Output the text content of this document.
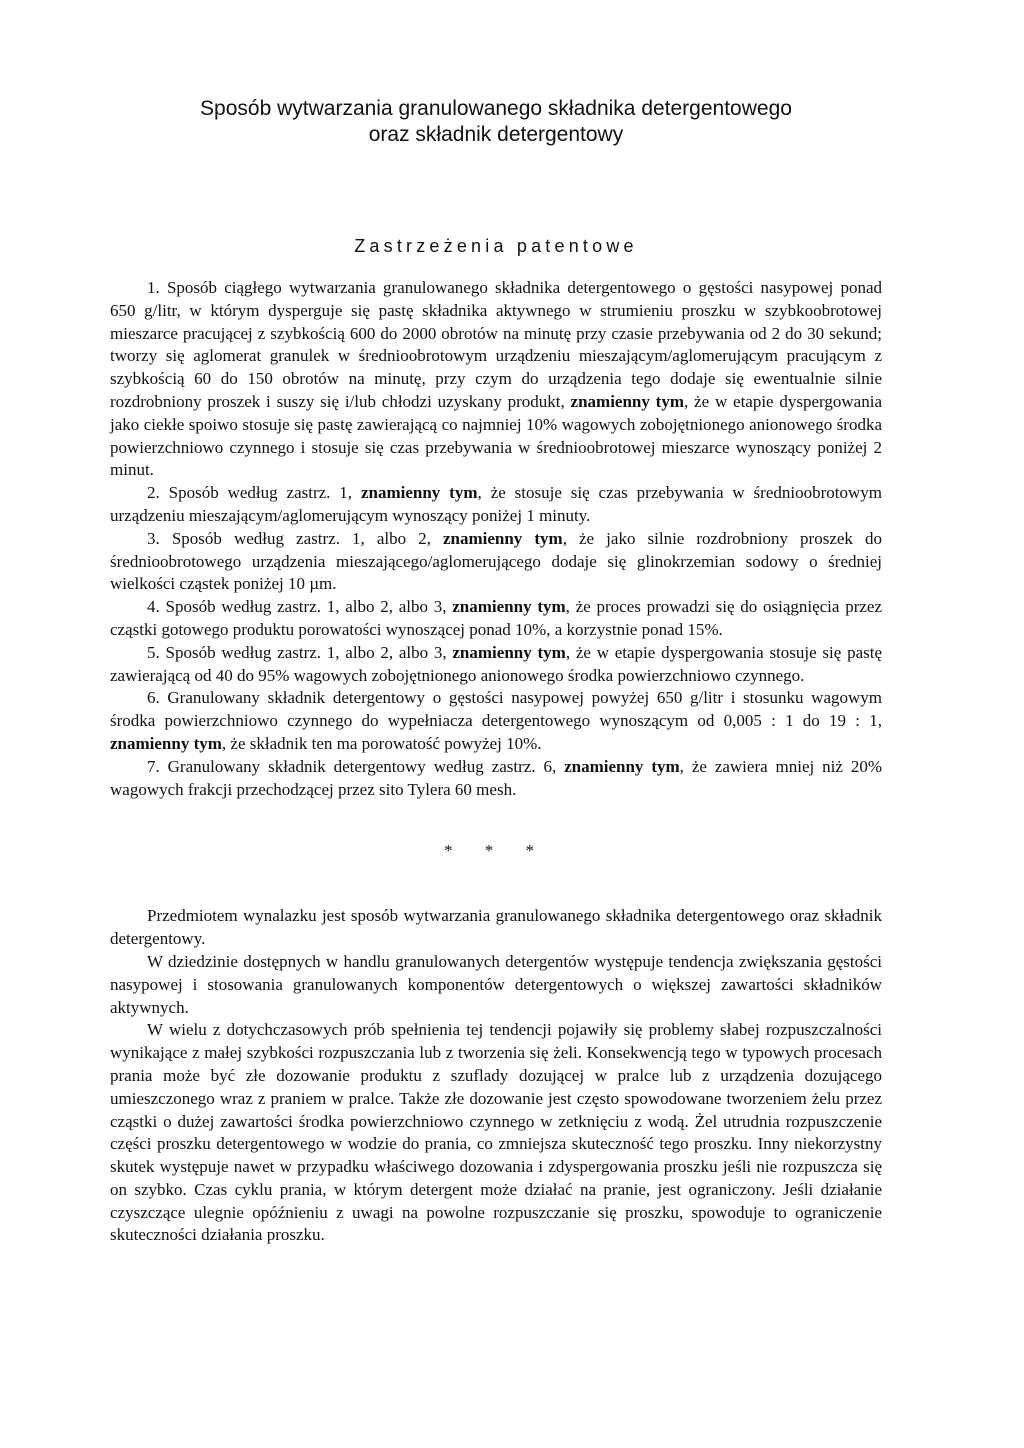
Sposób wytwarzania granulowanego składnika detergentowego
oraz składnik detergentowy
Zastrzeżenia patentowe

1. Sposób ciągłego wytwarzania granulowanego składnika detergentowego o gęstości nasypowej ponad 650 g/litr, w którym dysperguje się pastę składnika aktywnego w strumieniu proszku w szybkoobrotowej mieszarce pracującej z szybkością 600 do 2000 obrotów na minutę przy czasie przebywania od 2 do 30 sekund; tworzy się aglomerat granulek w średnioobrotowym urządzeniu mieszającym/aglomerującym pracującym z szybkością 60 do 150 obrotów na minutę, przy czym do urządzenia tego dodaje się ewentualnie silnie rozdrobniony proszek i suszy się i/lub chłodzi uzyskany produkt, znamienny tym, że w etapie dyspergowania jako ciekłe spoiwo stosuje się pastę zawierającą co najmniej 10% wagowych zobojętnionego anionowego środka powierzchniowo czynnego i stosuje się czas przebywania w średnioobrotowej mieszarce wynoszący poniżej 2 minut.

2. Sposób według zastrz. 1, znamienny tym, że stosuje się czas przebywania w średnioobrotowym urządzeniu mieszającym/aglomerującym wynoszący poniżej 1 minuty.

3. Sposób według zastrz. 1, albo 2, znamienny tym, że jako silnie rozdrobniony proszek do średnioobrotowego urządzenia mieszającego/aglomerującego dodaje się glinokrzemian sodowy o średniej wielkości cząstek poniżej 10 µm.

4. Sposób według zastrz. 1, albo 2, albo 3, znamienny tym, że proces prowadzi się do osiągnięcia przez cząstki gotowego produktu porowatości wynoszącej ponad 10%, a korzystnie ponad 15%.

5. Sposób według zastrz. 1, albo 2, albo 3, znamienny tym, że w etapie dyspergowania stosuje się pastę zawierającą od 40 do 95% wagowych zobojętnionego anionowego środka powierzchniowo czynnego.

6. Granulowany składnik detergentowy o gęstości nasypowej powyżej 650 g/litr i stosunku wagowym środka powierzchniowo czynnego do wypełniacza detergentowego wynoszącym od 0,005 : 1 do 19 : 1, znamienny tym, że składnik ten ma porowatość powyżej 10%.

7. Granulowany składnik detergentowy według zastrz. 6, znamienny tym, że zawiera mniej niż 20% wagowych frakcji przechodzącej przez sito Tylera 60 mesh.

* * *

Przedmiotem wynalazku jest sposób wytwarzania granulowanego składnika detergentowego oraz składnik detergentowy.

W dziedzinie dostępnych w handlu granulowanych detergentów występuje tendencja zwiększania gęstości nasypowej i stosowania granulowanych komponentów detergentowych o większej zawartości składników aktywnych.

W wielu z dotychczasowych prób spełnienia tej tendencji pojawiły się problemy słabej rozpuszczalności wynikające z małej szybkości rozpuszczania lub z tworzenia się żeli. Konsekwencją tego w typowych procesach prania może być złe dozowanie produktu z szuflady dozującej w pralce lub z urządzenia dozującego umieszczonego wraz z praniem w pralce. Także złe dozowanie jest często spowodowane tworzeniem żelu przez cząstki o dużej zawartości środka powierzchniowo czynnego w zetknięciu z wodą. Żel utrudnia rozpuszczenie części proszku detergentowego w wodzie do prania, co zmniejsza skuteczność tego proszku. Inny niekorzystny skutek występuje nawet w przypadku właściwego dozowania i zdyspergowania proszku jeśli nie rozpuszcza się on szybko. Czas cyklu prania, w którym detergent może działać na pranie, jest ograniczony. Jeśli działanie czyszczące ulegnie opóźnieniu z uwagi na powolne rozpuszczanie się proszku, spowoduje to ograniczenie skuteczności działania proszku.
